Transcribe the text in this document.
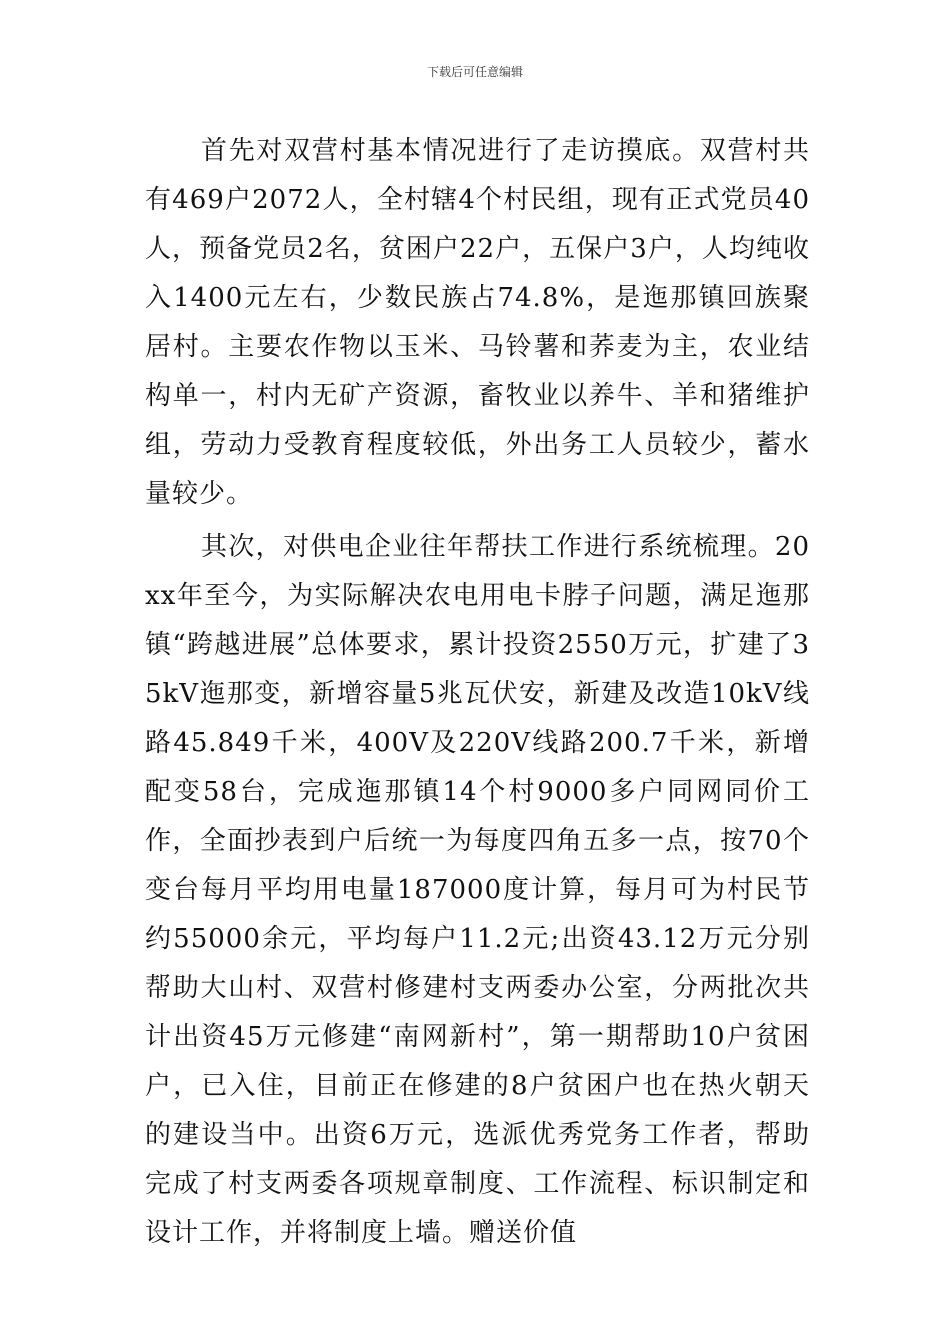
下载后可任意编辑

首先对双营村基本情况进行了走访摸底。双营村共有469户2072人，全村辖4个村民组，现有正式党员40人，预备党员2名，贫困户22户，五保户3户，人均纯收入1400元左右，少数民族占74.8%，是迤那镇回族聚居村。主要农作物以玉米、马铃薯和荞麦为主，农业结构单一，村内无矿产资源，畜牧业以养牛、羊和猪维护组，劳动力受教育程度较低，外出务工人员较少，蓄水量较少。

其次，对供电企业往年帮扶工作进行系统梳理。20xx年至今，为实际解决农电用电卡脖子问题，满足迤那镇“跨越进展”总体要求，累计投资2550万元，扩建了35kV迤那变，新增容量5兆瓦伏安，新建及改造10kV线路45.849千米，400V及220V线路200.7千米，新增配变58台，完成迤那镇14个村9000多户同网同价工作，全面抄表到户后统一为每度四角五多一点，按70个变台每月平均用电量187000度计算，每月可为村民节约55000余元，平均每户11.2元;出资43.12万元分别帮助大山村、双营村修建村支两委办公室，分两批次共计出资45万元修建“南网新村”，第一期帮助10户贫困户，已入住，目前正在修建的8户贫困户也在热火朝天的建设当中。出资6万元，选派优秀党务工作者，帮助完成了村支两委各项规章制度、工作流程、标识制定和设计工作，并将制度上墙。赠送价值
